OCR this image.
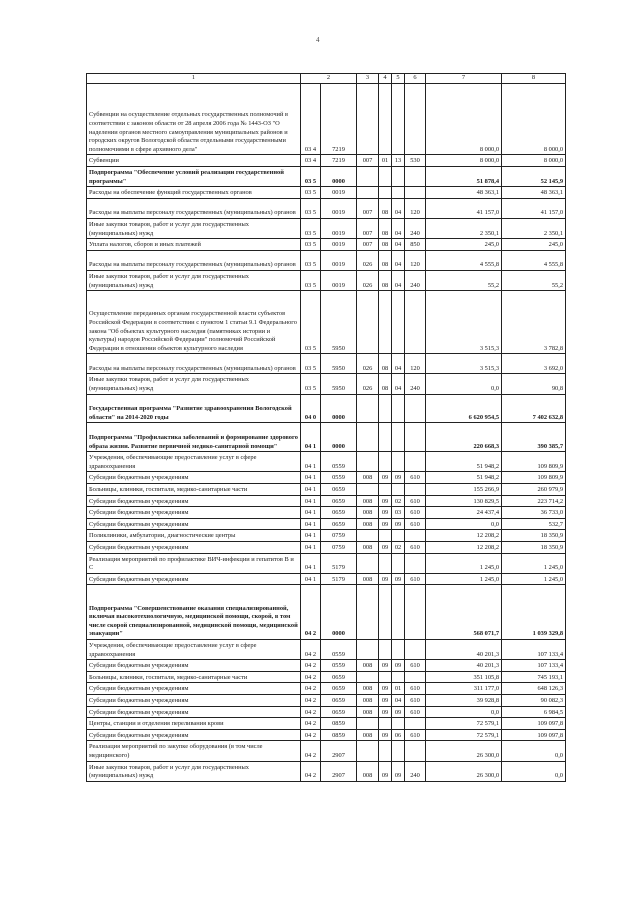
4
1	2		3	4	5	6	7	8
Субвенции на осуществление отдельных государственных полномочий в соответствии с законом области от 28 апреля 2006 года № 1443-ОЗ "О наделении органов местного самоуправления муниципальных районов и городских округов Вологодской области отдельными государственными полномочиями в сфере архивного дела"	03 4	7219					8 000,0	8 000,0
Субвенции	03 4	7219	007	01	13	530	8 000,0	8 000,0
Подпрограмма "Обеспечение условий реализации государственной программы"	03 5	0000					51 878,4	52 145,9
Расходы на обеспечение функций государственных органов	03 5	0019					48 363,1	48 363,1
Расходы на выплаты персоналу государственных (муниципальных) органов	03 5	0019	007	08	04	120	41 157,0	41 157,0
Иные закупки товаров, работ и услуг для государственных (муниципальных) нужд	03 5	0019	007	08	04	240	2 350,1	2 350,1
Уплата налогов, сборов и иных платежей	03 5	0019	007	08	04	850	245,0	245,0
Расходы на выплаты персоналу государственных (муниципальных) органов	03 5	0019	026	08	04	120	4 555,8	4 555,8
Иные закупки товаров, работ и услуг для государственных (муниципальных) нужд	03 5	0019	026	08	04	240	55,2	55,2
Осуществление переданных органам государственной власти субъектов Российской Федерации в соответствии с пунктом 1 статьи 9.1 Федерального закона "Об объектах культурного наследия (памятниках истории и культуры) народов Российской Федерации" полномочий Российской Федерации в отношении объектов культурного наследия	03 5	5950					3 515,3	3 782,8
Расходы на выплаты персоналу государственных (муниципальных) органов	03 5	5950	026	08	04	120	3 515,3	3 692,0
Иные закупки товаров, работ и услуг для государственных (муниципальных) нужд	03 5	5950	026	08	04	240	0,0	90,8
Государственная программа "Развитие здравоохранения Вологодской области" на 2014-2020 годы	04 0	0000					6 620 954,5	7 402 632,8
Подпрограмма "Профилактика заболеваний и формирование здорового образа жизни. Развитие первичной медико-санитарной помощи"	04 1	0000					220 668,3	390 385,7
Учреждения, обеспечивающие предоставление услуг в сфере здравоохранения	04 1	0559					51 948,2	109 809,9
Субсидии бюджетным учреждениям	04 1	0559	008	09	09	610	51 948,2	109 809,9
Больницы, клиники, госпитали, медико-санитарные части	04 1	0659					155 266,9	260 979,9
Субсидии бюджетным учреждениям	04 1	0659	008	09	02	610	130 829,5	223 714,2
Субсидии бюджетным учреждениям	04 1	0659	008	09	03	610	24 437,4	36 733,0
Субсидии бюджетным учреждениям	04 1	0659	008	09	09	610	0,0	532,7
Поликлиники, амбулатории, диагностические центры	04 1	0759					12 208,2	18 350,9
Субсидии бюджетным учреждениям	04 1	0759	008	09	02	610	12 208,2	18 350,9
Реализация мероприятий по профилактике ВИЧ-инфекции и гепатитов В и С	04 1	5179					1 245,0	1 245,0
Субсидии бюджетным учреждениям	04 1	5179	008	09	09	610	1 245,0	1 245,0
Подпрограмма "Совершенствование оказания специализированной, включая высокотехнологичную, медицинской помощи, скорой, в том числе скорой специализированной, медицинской помощи, медицинской эвакуации"	04 2	0000					568 071,7	1 039 329,8
Учреждения, обеспечивающие предоставление услуг в сфере здравоохранения	04 2	0559					40 201,3	107 133,4
Субсидии бюджетным учреждениям	04 2	0559	008	09	09	610	40 201,3	107 133,4
Больницы, клиники, госпитали, медико-санитарные части	04 2	0659					351 105,8	745 193,1
Субсидии бюджетным учреждениям	04 2	0659	008	09	01	610	311 177,0	648 126,3
Субсидии бюджетным учреждениям	04 2	0659	008	09	04	610	39 928,8	90 082,3
Субсидии бюджетным учреждениям	04 2	0659	008	09	09	610	0,0	6 984,5
Центры, станции и отделения переливания крови	04 2	0859					72 579,1	109 097,8
Субсидии бюджетным учреждениям	04 2	0859	008	09	06	610	72 579,1	109 097,8
Реализация мероприятий по закупке оборудования (в том числе медицинского)	04 2	2907					26 300,0	0,0
Иные закупки товаров, работ и услуг для государственных (муниципальных) нужд	04 2	2907	008	09	09	240	26 300,0	0,0
